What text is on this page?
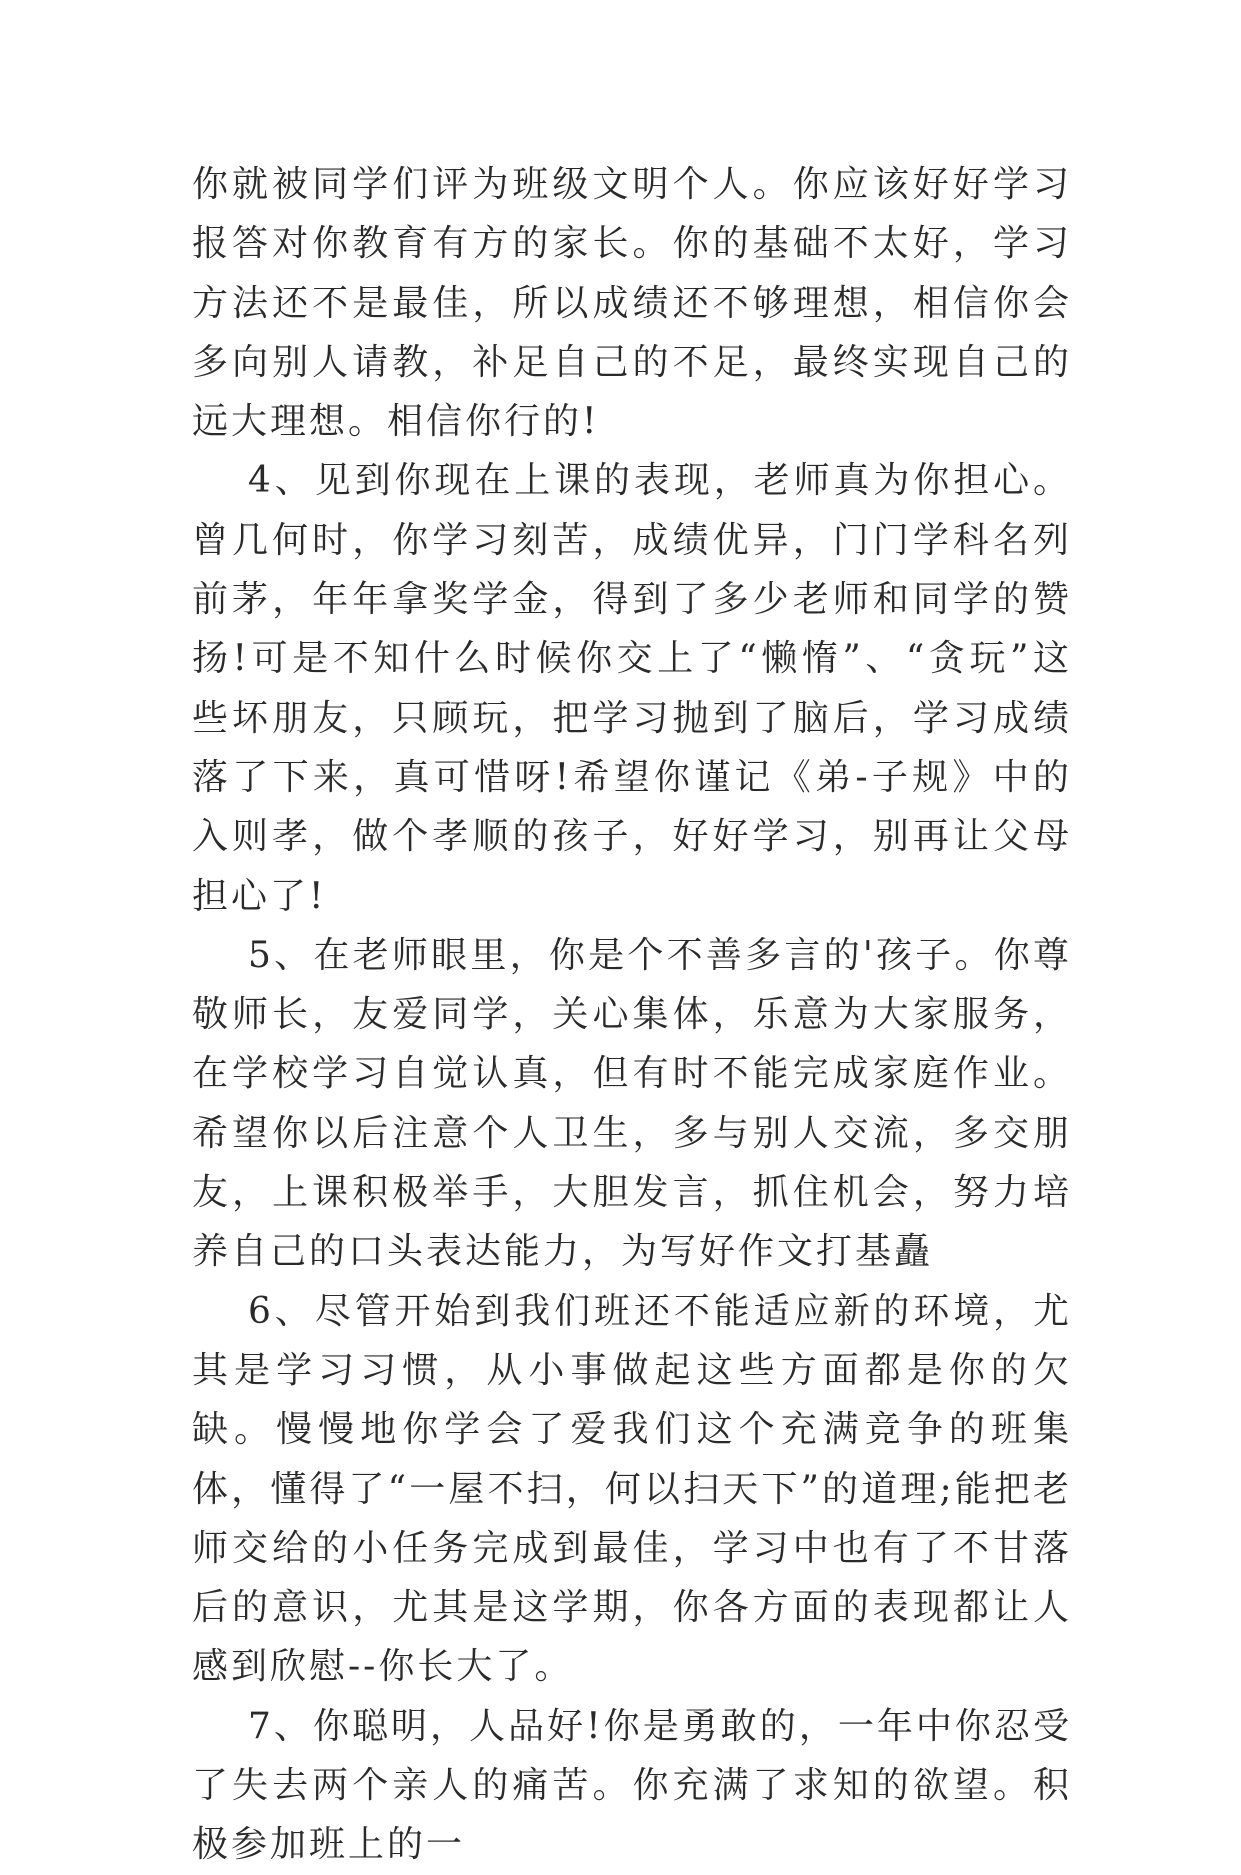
你就被同学们评为班级文明个人。你应该好好学习报答对你教育有方的家长。你的基础不太好，学习方法还不是最佳，所以成绩还不够理想，相信你会多向别人请教，补足自己的不足，最终实现自己的远大理想。相信你行的!

4、见到你现在上课的表现，老师真为你担心。曾几何时，你学习刻苦，成绩优异，门门学科名列前茅，年年拿奖学金，得到了多少老师和同学的赞扬!可是不知什么时候你交上了“懒惰”、“贪玩”这些坏朋友，只顾玩，把学习抛到了脑后，学习成绩落了下来，真可惜呀!希望你谨记《弟-子规》中的入则孝，做个孝顺的孩子，好好学习，别再让父母担心了!

5、在老师眼里，你是个不善多言的'孩子。你尊敬师长，友爱同学，关心集体，乐意为大家服务，在学校学习自觉认真，但有时不能完成家庭作业。希望你以后注意个人卫生，多与别人交流，多交朋友，上课积极举手，大胆发言，抓住机会，努力培养自己的口头表达能力，为写好作文打基矗

6、尽管开始到我们班还不能适应新的环境，尤其是学习习惯，从小事做起这些方面都是你的欠缺。慢慢地你学会了爱我们这个充满竞争的班集体，懂得了“一屋不扫，何以扫天下”的道理;能把老师交给的小任务完成到最佳，学习中也有了不甘落后的意识，尤其是这学期，你各方面的表现都让人感到欣慰--你长大了。

7、你聪明，人品好!你是勇敢的，一年中你忍受了失去两个亲人的痛苦。你充满了求知的欲望。积极参加班上的一
